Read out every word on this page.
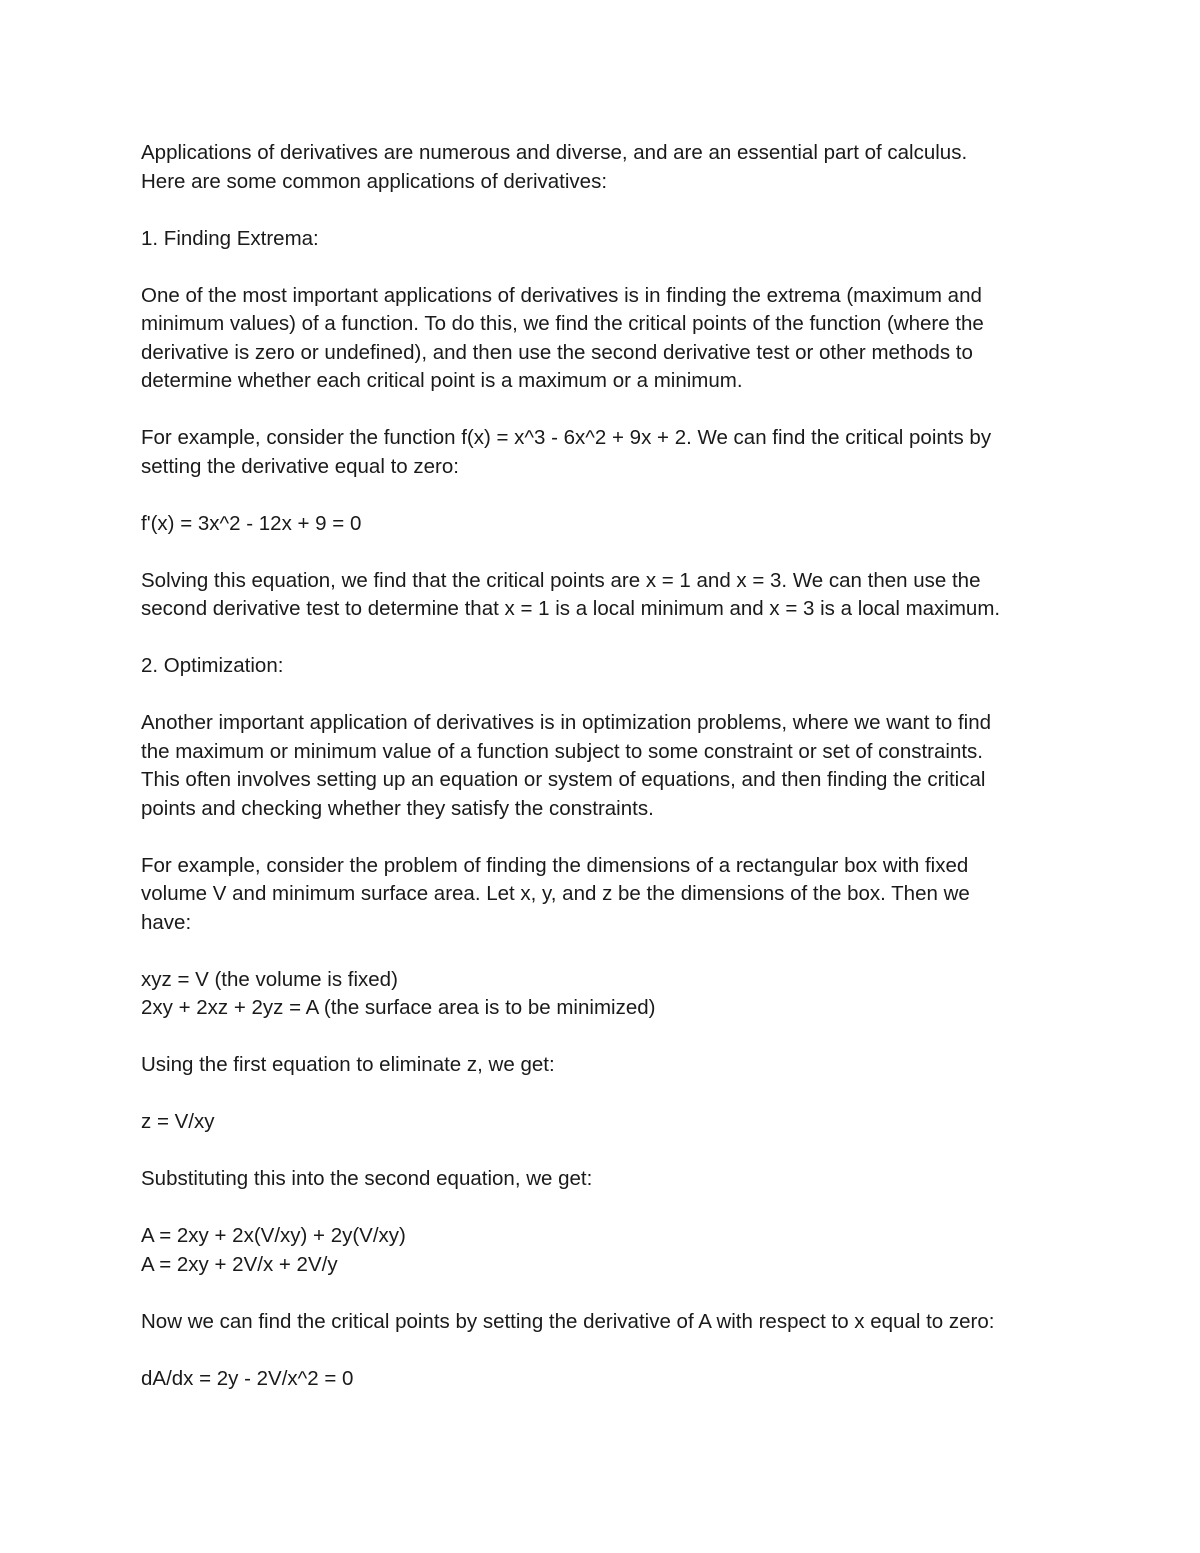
Applications of derivatives are numerous and diverse, and are an essential part of calculus.
Here are some common applications of derivatives:

1. Finding Extrema:

One of the most important applications of derivatives is in finding the extrema (maximum and
minimum values) of a function. To do this, we find the critical points of the function (where the
derivative is zero or undefined), and then use the second derivative test or other methods to
determine whether each critical point is a maximum or a minimum.

For example, consider the function f(x) = x^3 - 6x^2 + 9x + 2. We can find the critical points by
setting the derivative equal to zero:

f'(x) = 3x^2 - 12x + 9 = 0

Solving this equation, we find that the critical points are x = 1 and x = 3. We can then use the
second derivative test to determine that x = 1 is a local minimum and x = 3 is a local maximum.

2. Optimization:

Another important application of derivatives is in optimization problems, where we want to find
the maximum or minimum value of a function subject to some constraint or set of constraints.
This often involves setting up an equation or system of equations, and then finding the critical
points and checking whether they satisfy the constraints.

For example, consider the problem of finding the dimensions of a rectangular box with fixed
volume V and minimum surface area. Let x, y, and z be the dimensions of the box. Then we
have:

xyz = V (the volume is fixed)
2xy + 2xz + 2yz = A (the surface area is to be minimized)

Using the first equation to eliminate z, we get:

z = V/xy

Substituting this into the second equation, we get:

A = 2xy + 2x(V/xy) + 2y(V/xy)
A = 2xy + 2V/x + 2V/y

Now we can find the critical points by setting the derivative of A with respect to x equal to zero:

dA/dx = 2y - 2V/x^2 = 0
